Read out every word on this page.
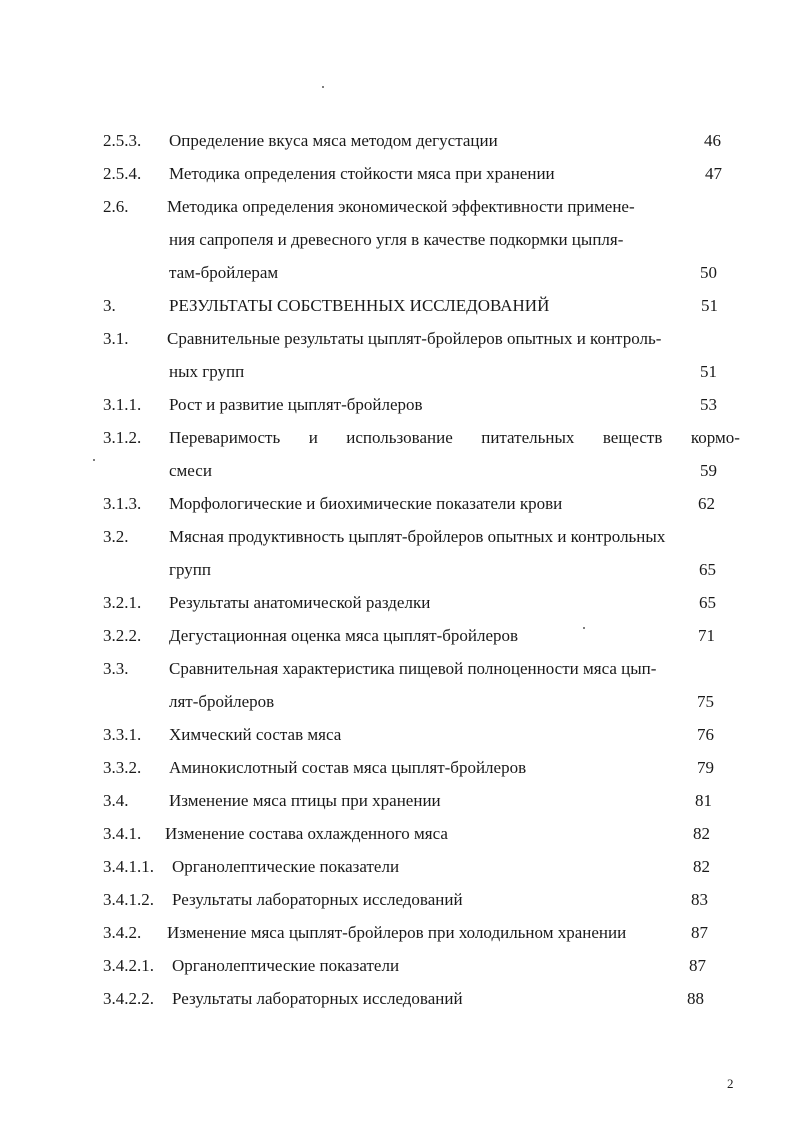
2.5.3. Определение вкуса мяса методом дегустации	46
2.5.4. Методика определения стойкости мяса при хранении	47
2.6. Методика определения экономической эффективности примене-
ния сапропеля и древесного угля в качестве подкормки цыпля-
там-бройлерам	50
3.	РЕЗУЛЬТАТЫ СОБСТВЕННЫХ ИССЛЕДОВАНИЙ	51
3.1. Сравнительные результаты цыплят-бройлеров опытных и контроль-
ных групп	51
3.1.1. Рост и развитие цыплят-бройлеров	53
3.1.2. Переваримость и использование питательных веществ кормо-
смеси	59
3.1.3. Морфологические и биохимические показатели крови	62
3.2. Мясная продуктивность цыплят-бройлеров опытных и контрольных
групп	65
3.2.1. Результаты анатомической разделки	65
3.2.2. Дегустационная оценка мяса цыплят-бройлеров	71
3.3. Сравнительная характеристика пищевой полноценности мяса цып-
лят-бройлеров	75
3.3.1. Химческий состав мяса	76
3.3.2. Аминокислотный состав мяса цыплят-бройлеров	79
3.4. Изменение мяса птицы при хранении	81
3.4.1. Изменение состава охлажденного мяса	82
3.4.1.1. Органолептические показатели	82
3.4.1.2. Результаты лабораторных исследований	83
3.4.2. Изменение мяса цыплят-бройлеров при холодильном хранении	87
3.4.2.1. Органолептические показатели	87
3.4.2.2. Результаты лабораторных исследований	88
2
